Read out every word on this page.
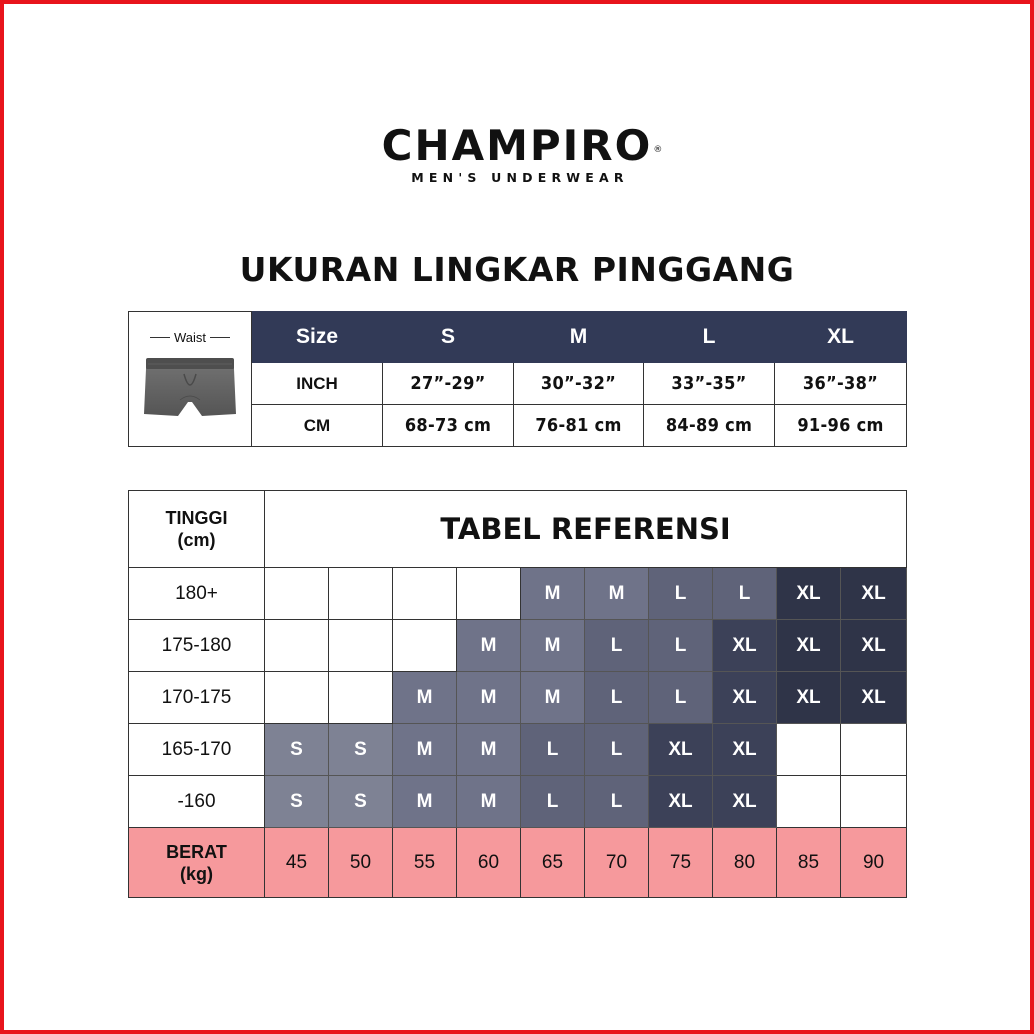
CHAMPIRO ®
MEN'S UNDERWEAR
UKURAN LINGKAR PINGGANG
Waist	Size	S	M	L	XL
	INCH	27”-29”	30”-32”	33”-35”	36”-38”
	CM	68-73 cm	76-81 cm	84-89 cm	91-96 cm
TINGGI
(cm)	TABEL REFERENSI									
180+					M	M	L	L	XL	XL
175-180				M	M	L	L	XL	XL	XL
170-175			M	M	M	L	L	XL	XL	XL
165-170	S	S	M	M	L	L	XL	XL		
-160	S	S	M	M	L	L	XL	XL		

BERAT
(kg)	45	50	55	60	65	70	75	80	85	90
